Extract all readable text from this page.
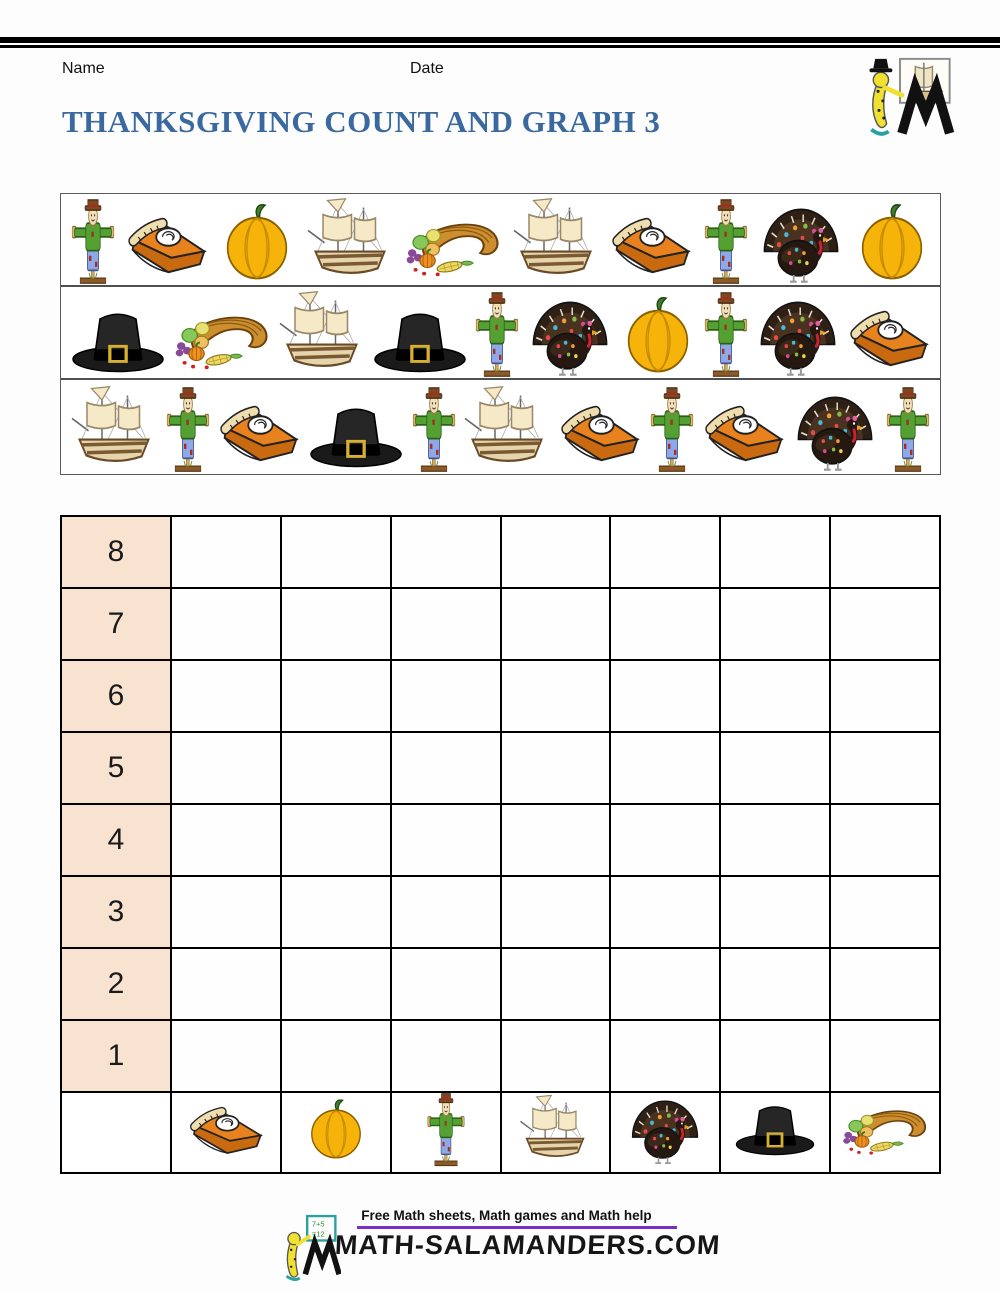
Name	Date
THANKSGIVING COUNT AND GRAPH 3
8							
7							
6							
5							
4							
3							
2							
1							

Free Math sheets, Math games and Math help
MATH-SALAMANDERS.COM
